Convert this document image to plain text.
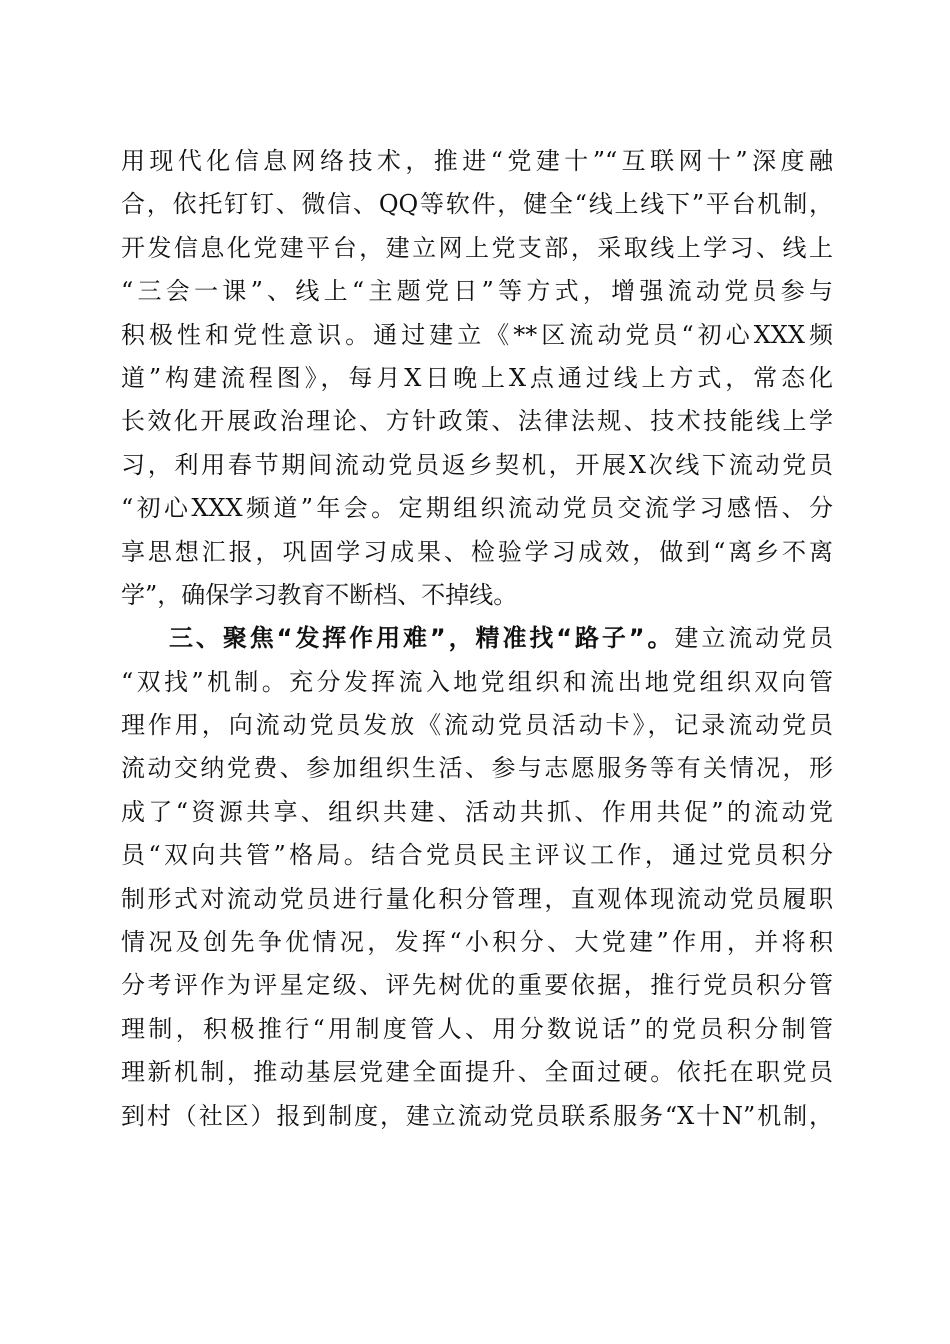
用现代化信息网络技术，推进“党建十”“互联网十”深度融
合，依托钉钉、微信、QQ等软件，健全“线上线下”平台机制，
开发信息化党建平台，建立网上党支部，采取线上学习、线上
“三会一课”、线上“主题党日”等方式，增强流动党员参与
积极性和党性意识。通过建立《**区流动党员“初心XXX频
道”构建流程图》，每月X日晚上X点通过线上方式，常态化
长效化开展政治理论、方针政策、法律法规、技术技能线上学
习，利用春节期间流动党员返乡契机，开展X次线下流动党员
“初心XXX频道”年会。定期组织流动党员交流学习感悟、分
享思想汇报，巩固学习成果、检验学习成效，做到“离乡不离
学”，确保学习教育不断档、不掉线。
三、聚焦“发挥作用难”，精准找“路子”。建立流动党员
“双找”机制。充分发挥流入地党组织和流出地党组织双向管
理作用，向流动党员发放《流动党员活动卡》，记录流动党员
流动交纳党费、参加组织生活、参与志愿服务等有关情况，形
成了“资源共享、组织共建、活动共抓、作用共促”的流动党
员“双向共管”格局。结合党员民主评议工作，通过党员积分
制形式对流动党员进行量化积分管理，直观体现流动党员履职
情况及创先争优情况，发挥“小积分、大党建”作用，并将积
分考评作为评星定级、评先树优的重要依据，推行党员积分管
理制，积极推行“用制度管人、用分数说话”的党员积分制管
理新机制，推动基层党建全面提升、全面过硬。依托在职党员
到村（社区）报到制度，建立流动党员联系服务“X十N”机制，
